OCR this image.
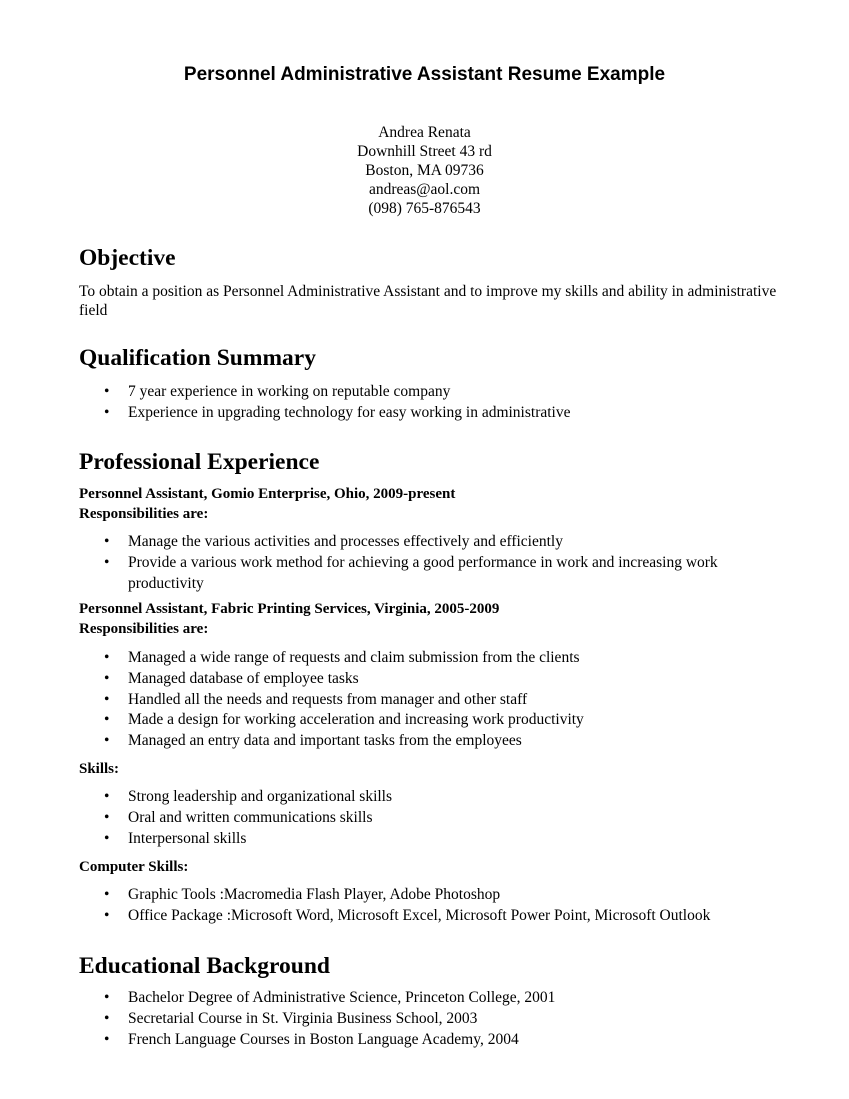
Personnel Administrative Assistant Resume Example
Andrea Renata
Downhill Street 43 rd
Boston, MA 09736
andreas@aol.com
(098) 765-876543
Objective

To obtain a position as Personnel Administrative Assistant and to improve my skills and ability in administrative field

Qualification Summary
• 7 year experience in working on reputable company
• Experience in upgrading technology for easy working in administrative
Professional Experience
Personnel Assistant, Gomio Enterprise, Ohio, 2009-present
Responsibilities are:
• Manage the various activities and processes effectively and efficiently
• Provide a various work method for achieving a good performance in work and increasing work productivity
Personnel Assistant, Fabric Printing Services, Virginia, 2005-2009
Responsibilities are:
• Managed a wide range of requests and claim submission from the clients
• Managed database of employee tasks
• Handled all the needs and requests from manager and other staff
• Made a design for working acceleration and increasing work productivity
• Managed an entry data and important tasks from the employees
Skills:
• Strong leadership and organizational skills
• Oral and written communications skills
• Interpersonal skills
Computer Skills:
• Graphic Tools :Macromedia Flash Player, Adobe Photoshop
• Office Package :Microsoft Word, Microsoft Excel, Microsoft Power Point, Microsoft Outlook
Educational Background
• Bachelor Degree of Administrative Science, Princeton College, 2001
• Secretarial Course in St. Virginia Business School, 2003
• French Language Courses in Boston Language Academy, 2004
